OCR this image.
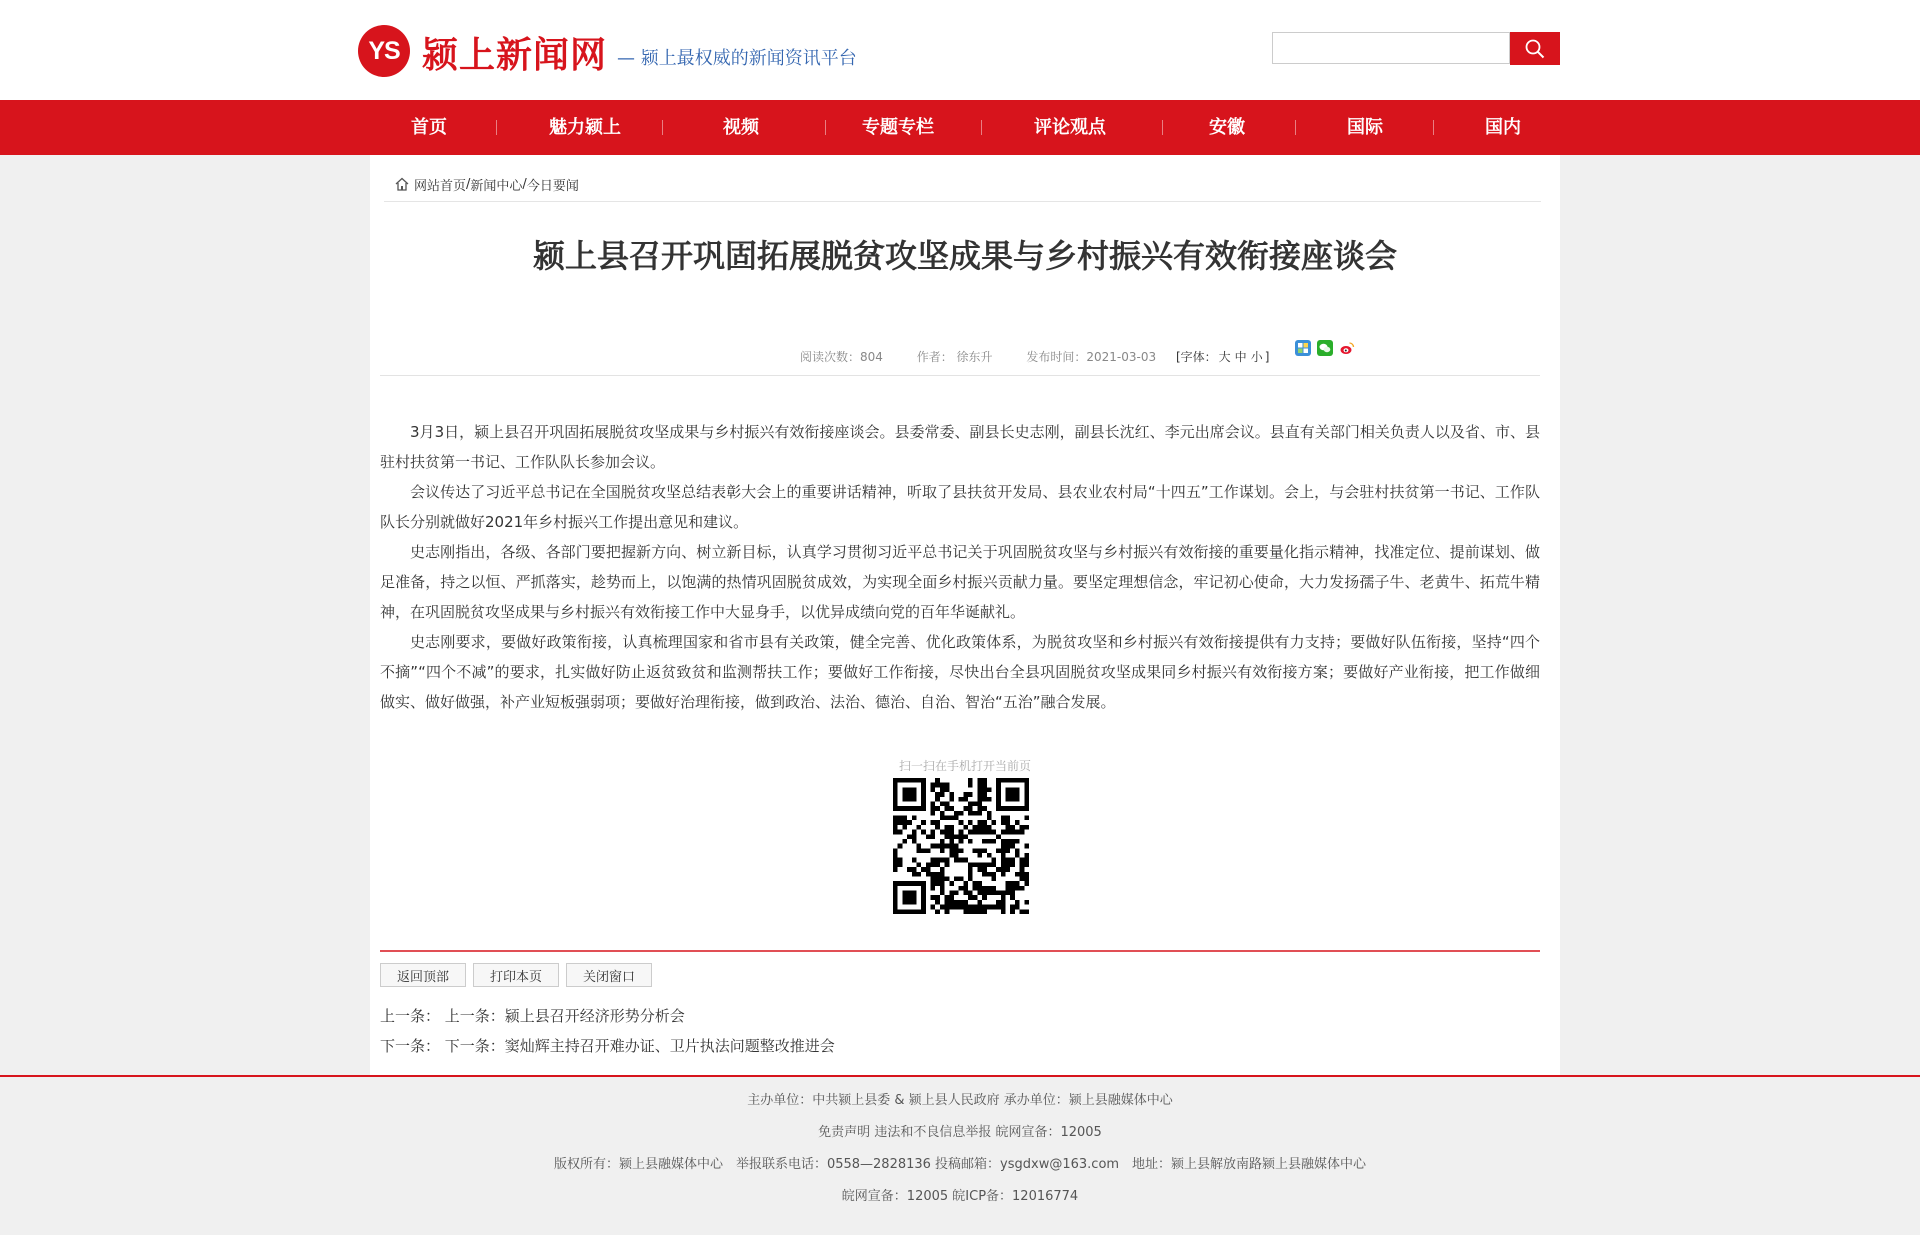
YS 颍上新闻网 — 颍上最权威的新闻资讯平台
首页	魅力颍上	视频	专题专栏	评论观点	安徽	国际	国内
网站首页 / 新闻中心 / 今日要闻
颍上县召开巩固拓展脱贫攻坚成果与乡村振兴有效衔接座谈会
阅读次数：804	作者： 徐东升	发布时间：2021-03-03 [字体： 大 中 小 ]

3月3日，颍上县召开巩固拓展脱贫攻坚成果与乡村振兴有效衔接座谈会。县委常委、副县长史志刚，副县长沈红、李元出席会议。县直有关部门相关负责人以及省、市、县驻村扶贫第一书记、工作队队长参加会议。

会议传达了习近平总书记在全国脱贫攻坚总结表彰大会上的重要讲话精神，听取了县扶贫开发局、县农业农村局“十四五”工作谋划。会上，与会驻村扶贫第一书记、工作队队长分别就做好2021年乡村振兴工作提出意见和建议。

史志刚指出，各级、各部门要把握新方向、树立新目标，认真学习贯彻习近平总书记关于巩固脱贫攻坚与乡村振兴有效衔接的重要量化指示精神，找准定位、提前谋划、做足准备，持之以恒、严抓落实，趁势而上，以饱满的热情巩固脱贫成效，为实现全面乡村振兴贡献力量。要坚定理想信念，牢记初心使命，大力发扬孺子牛、老黄牛、拓荒牛精神，在巩固脱贫攻坚成果与乡村振兴有效衔接工作中大显身手，以优异成绩向党的百年华诞献礼。

史志刚要求，要做好政策衔接，认真梳理国家和省市县有关政策，健全完善、优化政策体系，为脱贫攻坚和乡村振兴有效衔接提供有力支持；要做好队伍衔接，坚持“四个不摘”“四个不减”的要求，扎实做好防止返贫致贫和监测帮扶工作；要做好工作衔接，尽快出台全县巩固脱贫攻坚成果同乡村振兴有效衔接方案；要做好产业衔接，把工作做细做实、做好做强，补产业短板强弱项；要做好治理衔接，做到政治、法治、德治、自治、智治“五治”融合发展。

扫一扫在手机打开当前页
返回顶部	打印本页	关闭窗口
上一条： 上一条：颍上县召开经济形势分析会
下一条： 下一条：窦灿辉主持召开难办证、卫片执法问题整改推进会
主办单位：中共颍上县委 & 颍上县人民政府 承办单位：颍上县融媒体中心
免责声明 违法和不良信息举报 皖网宣备：12005
版权所有：颍上县融媒体中心　举报联系电话：0558—2828136 投稿邮箱：ysgdxw@163.com　地址：颍上县解放南路颍上县融媒体中心
皖网宣备：12005 皖ICP备：12016774
